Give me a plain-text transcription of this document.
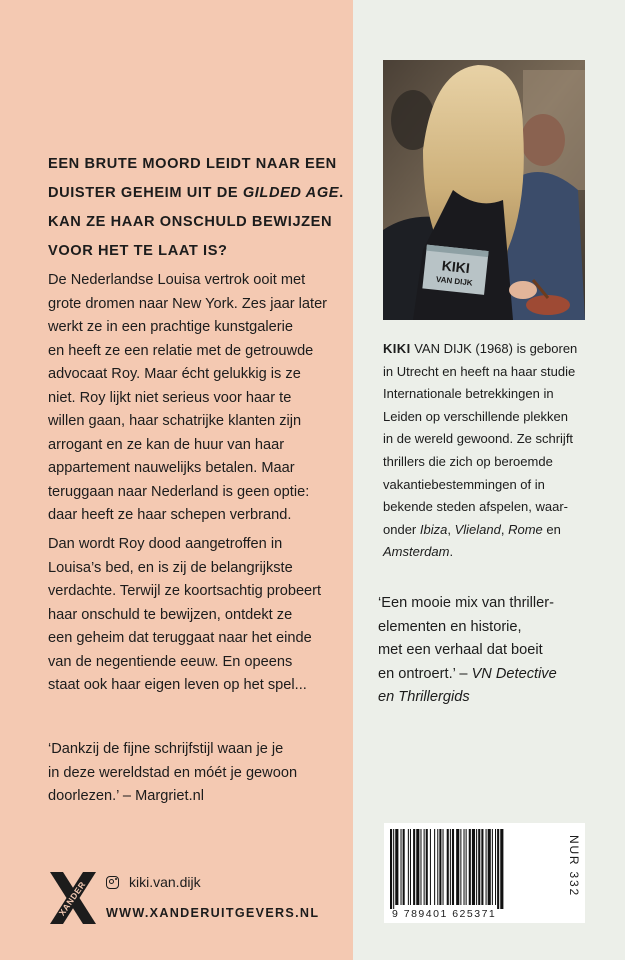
EEN BRUTE MOORD LEIDT NAAR EEN
DUISTER GEHEIM UIT DE GILDED AGE.
KAN ZE HAAR ONSCHULD BEWIJZEN
VOOR HET TE LAAT IS?

De Nederlandse Louisa vertrok ooit met
grote dromen naar New York. Zes jaar later
werkt ze in een prachtige kunstgalerie
en heeft ze een relatie met de getrouwde
advocaat Roy. Maar écht gelukkig is ze
niet. Roy lijkt niet serieus voor haar te
willen gaan, haar schatrijke klanten zijn
arrogant en ze kan de huur van haar
appartement nauwelijks betalen. Maar
teruggaan naar Nederland is geen optie:
daar heeft ze haar schepen verbrand.

Dan wordt Roy dood aangetroffen in
Louisa’s bed, en is zij de belangrijkste
verdachte. Terwijl ze koortsachtig probeert
haar onschuld te bewijzen, ontdekt ze
een geheim dat teruggaat naar het einde
van de negentiende eeuw. En opeens
staat ook haar eigen leven op het spel...

‘Dankzij de fijne schrijfstijl waan je je
in deze wereldstad en móét je gewoon
doorlezen.’ – Margriet.nl

XANDER	kiki.van.dijk
WWW.XANDERUITGEVERS.NL
KIKI
VAN DIJK

KIKI VAN DIJK (1968) is geboren
in Utrecht en heeft na haar studie
Internationale betrekkingen in
Leiden op verschillende plekken
in de wereld gewoond. Ze schrijft
thrillers die zich op beroemde
vakantiebestemmingen of in
bekende steden afspelen, waar-
onder Ibiza, Vlieland, Rome en
Amsterdam.

‘Een mooie mix van thriller-
elementen en historie,
met een verhaal dat boeit
en ontroert.’ – VN Detective
en Thrillergids

NUR 332
9 789401 625371
